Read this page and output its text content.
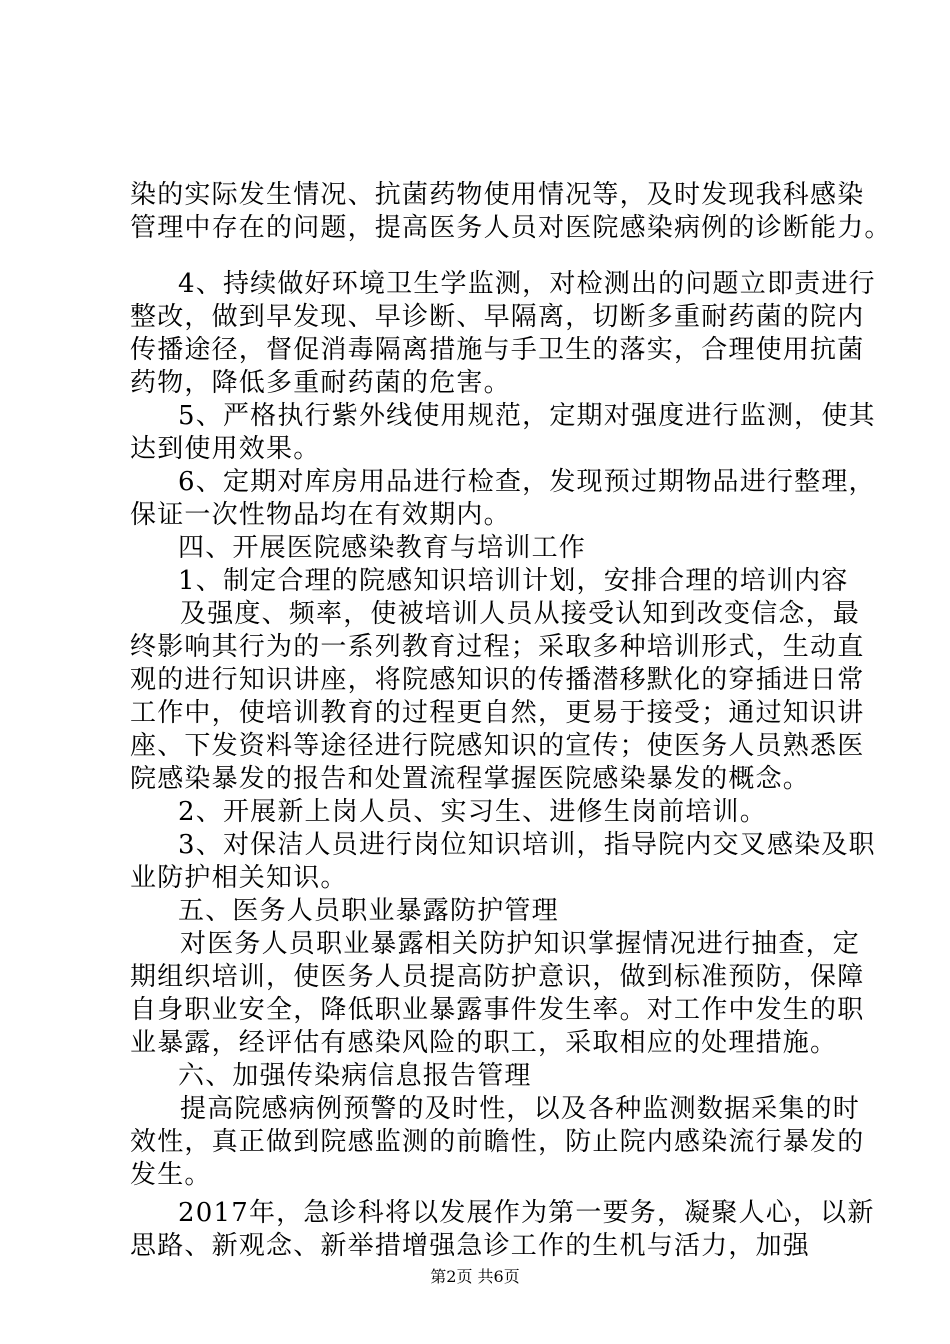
染的实际发生情况、抗菌药物使用情况等，及时发现我科感染
管理中存在的问题，提高医务人员对医院感染病例的诊断能力。
4、持续做好环境卫生学监测，对检测出的问题立即责进行
整改，做到早发现、早诊断、早隔离，切断多重耐药菌的院内
传播途径，督促消毒隔离措施与手卫生的落实，合理使用抗菌
药物，降低多重耐药菌的危害。
5、严格执行紫外线使用规范，定期对强度进行监测，使其
达到使用效果。
6、定期对库房用品进行检查，发现预过期物品进行整理，
保证一次性物品均在有效期内。
四、开展医院感染教育与培训工作
1、制定合理的院感知识培训计划，安排合理的培训内容
及强度、频率，使被培训人员从接受认知到改变信念，最
终影响其行为的一系列教育过程；采取多种培训形式，生动直
观的进行知识讲座，将院感知识的传播潜移默化的穿插进日常
工作中，使培训教育的过程更自然，更易于接受；通过知识讲
座、下发资料等途径进行院感知识的宣传；使医务人员熟悉医
院感染暴发的报告和处置流程掌握医院感染暴发的概念。
2、开展新上岗人员、实习生、进修生岗前培训。
3、对保洁人员进行岗位知识培训，指导院内交叉感染及职
业防护相关知识。
五、医务人员职业暴露防护管理
对医务人员职业暴露相关防护知识掌握情况进行抽查，定
期组织培训，使医务人员提高防护意识，做到标准预防，保障
自身职业安全，降低职业暴露事件发生率。对工作中发生的职
业暴露，经评估有感染风险的职工，采取相应的处理措施。
六、加强传染病信息报告管理
提高院感病例预警的及时性，以及各种监测数据采集的时
效性，真正做到院感监测的前瞻性，防止院内感染流行暴发的
发生。
2017年，急诊科将以发展作为第一要务，凝聚人心，以新
思路、新观念、新举措增强急诊工作的生机与活力，加强
第2页 共6页
